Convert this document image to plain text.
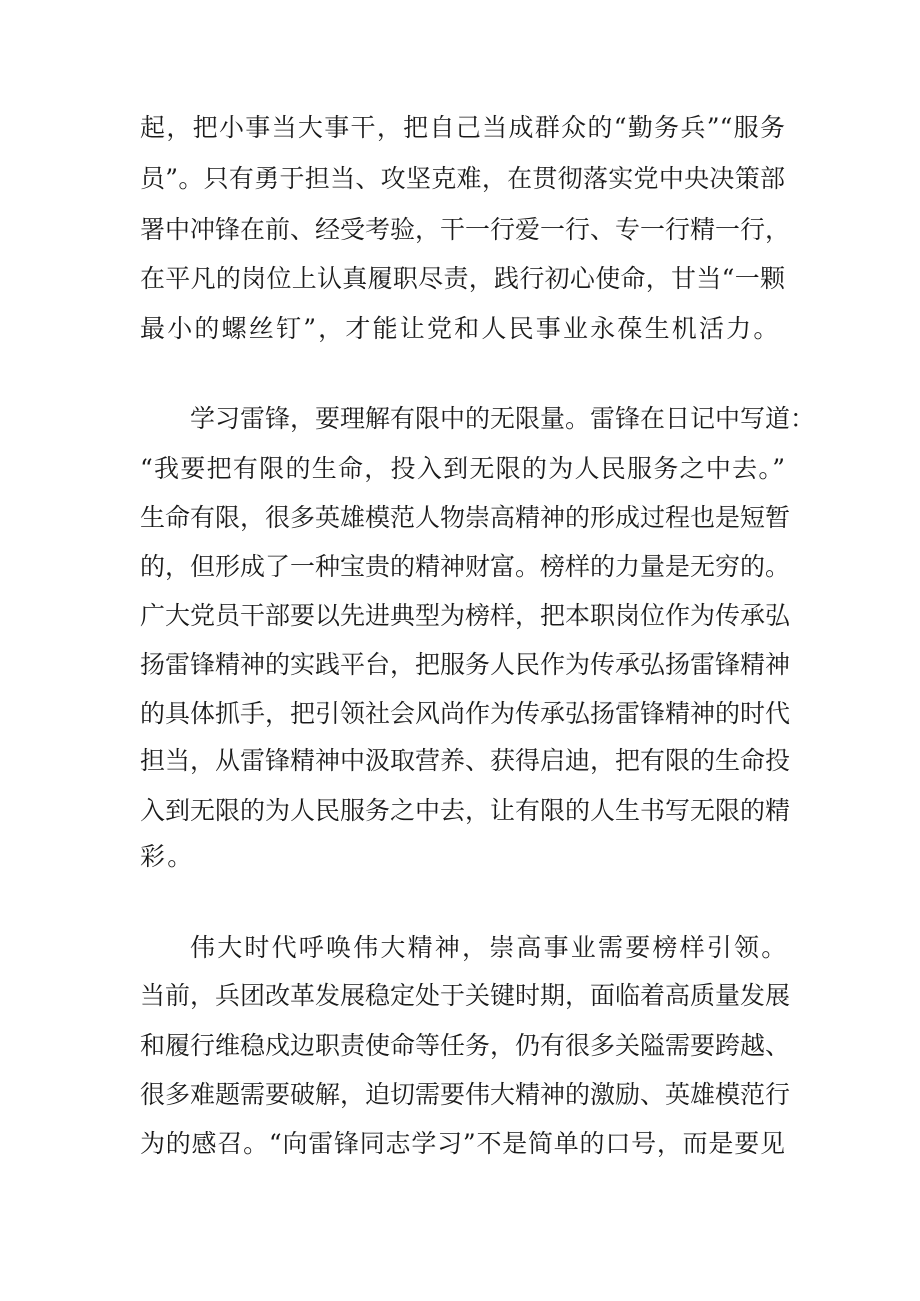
起，把小事当大事干，把自己当成群众的“勤务兵”“服务
员”。只有勇于担当、攻坚克难，在贯彻落实党中央决策部
署中冲锋在前、经受考验，干一行爱一行、专一行精一行，
在平凡的岗位上认真履职尽责，践行初心使命，甘当“一颗
最小的螺丝钉”，才能让党和人民事业永葆生机活力。
学习雷锋，要理解有限中的无限量。雷锋在日记中写道：
“我要把有限的生命，投入到无限的为人民服务之中去。”
生命有限，很多英雄模范人物崇高精神的形成过程也是短暂
的，但形成了一种宝贵的精神财富。榜样的力量是无穷的。
广大党员干部要以先进典型为榜样，把本职岗位作为传承弘
扬雷锋精神的实践平台，把服务人民作为传承弘扬雷锋精神
的具体抓手，把引领社会风尚作为传承弘扬雷锋精神的时代
担当，从雷锋精神中汲取营养、获得启迪，把有限的生命投
入到无限的为人民服务之中去，让有限的人生书写无限的精
彩。
伟大时代呼唤伟大精神，崇高事业需要榜样引领。
当前，兵团改革发展稳定处于关键时期，面临着高质量发展
和履行维稳戍边职责使命等任务，仍有很多关隘需要跨越、
很多难题需要破解，迫切需要伟大精神的激励、英雄模范行
为的感召。“向雷锋同志学习”不是简单的口号，而是要见
